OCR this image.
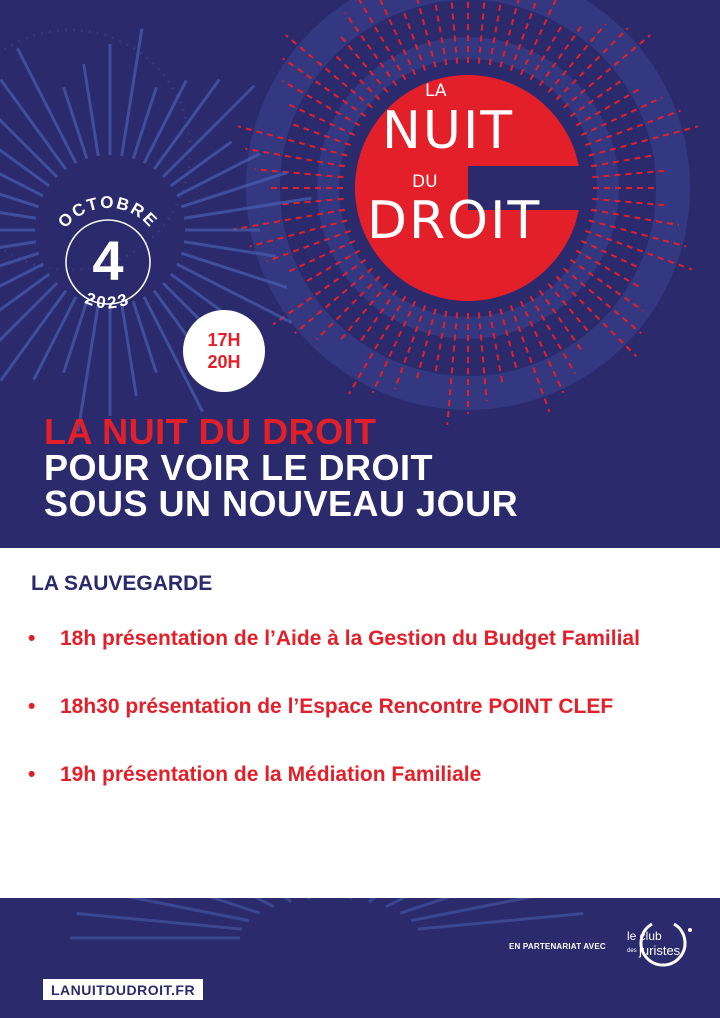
LA
NUIT
DU
DROIT
OCTOBRE
4
2023
17H
20H
LA NUIT DU DROIT
POUR VOIR LE DROIT
SOUS UN NOUVEAU JOUR
LA SAUVEGARDE
• 18h présentation de l’Aide à la Gestion du Budget Familial
• 18h30 présentation de l’Espace Rencontre POINT CLEF
• 19h présentation de la Médiation Familiale
EN PARTENARIAT AVEC
le club
des juristes
LANUITDUDROIT.FR
